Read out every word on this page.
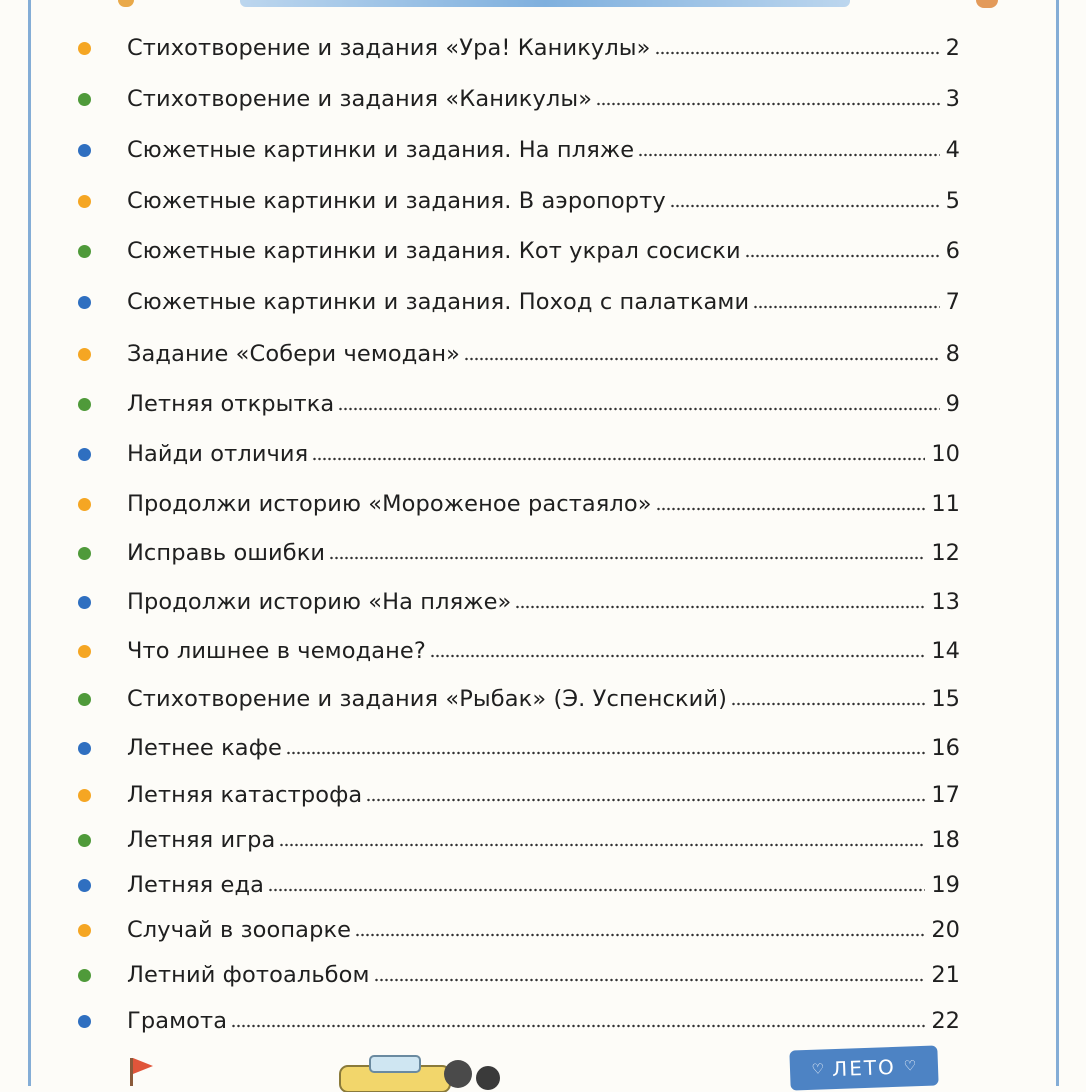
Стихотворение и задания «Ура! Каникулы»	2
Стихотворение и задания «Каникулы»	3
Сюжетные картинки и задания. На пляже	4
Сюжетные картинки и задания. В аэропорту	5
Сюжетные картинки и задания. Кот украл сосиски	6
Сюжетные картинки и задания. Поход с палатками	7
Задание «Собери чемодан»	8
Летняя открытка	9
Найди отличия	10
Продолжи историю «Мороженое растаяло»	11
Исправь ошибки	12
Продолжи историю «На пляже»	13
Что лишнее в чемодане?	14
Стихотворение и задания «Рыбак» (Э. Успенский)	15
Летнее кафе	16
Летняя катастрофа	17
Летняя игра	18
Летняя еда	19
Случай в зоопарке	20
Летний фотоальбом	21
Грамота	22
♡ ЛЕТО ♡
